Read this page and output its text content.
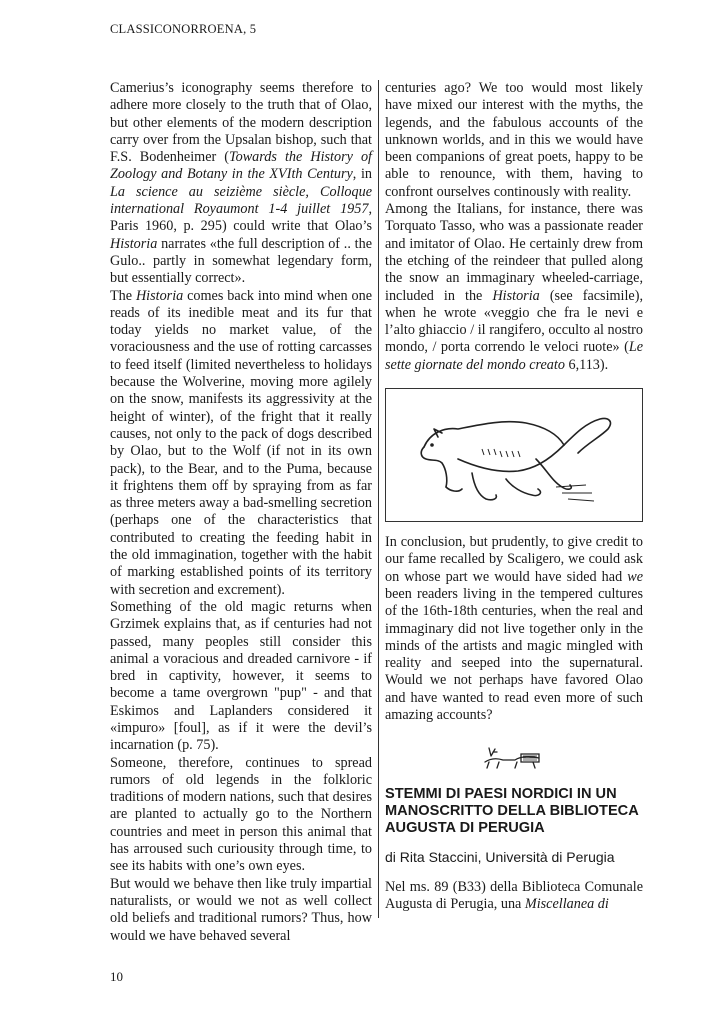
CLASSICONORROENA, 5

Camerius’s iconography seems therefore to adhere more closely to the truth that of Olao, but other elements of the modern description carry over from the Upsalan bishop, such that F.S. Bodenheimer (Towards the History of Zoology and Botany in the XVIth Century, in La science au seizième siècle, Colloque international Royaumont 1-4 juillet 1957, Paris 1960, p. 295) could write that Olao’s Historia narrates «the full description of .. the Gulo.. partly in somewhat legendary form, but essentially correct».

The Historia comes back into mind when one reads of its inedible meat and its fur that today yields no market value, of the voraciousness and the use of rotting carcasses to feed itself (limited nevertheless to holidays because the Wolverine, moving more agilely on the snow, manifests its aggressivity at the height of winter), of the fright that it really causes, not only to the pack of dogs described by Olao, but to the Wolf (if not in its own pack), to the Bear, and to the Puma, because it frightens them off by spraying from as far as three meters away a bad-smelling secretion (perhaps one of the characteristics that contributed to creating the feeding habit in the old immagination, together with the habit of marking established points of its territory with secretion and excrement).

Something of the old magic returns when Grzimek explains that, as if centuries had not passed, many peoples still consider this animal a voracious and dreaded carnivore - if bred in captivity, however, it seems to become a tame overgrown "pup" - and that Eskimos and Laplanders considered it «impuro» [foul], as if it were the devil’s incarnation (p. 75).

Someone, therefore, continues to spread rumors of old legends in the folkloric traditions of modern nations, such that desires are planted to actually go to the Northern countries and meet in person this animal that has arroused such curiousity through time, to see its habits with one’s own eyes.

But would we behave then like truly impartial naturalists, or would we not as well collect old beliefs and traditional rumors? Thus, how would we have behaved several

centuries ago? We too would most likely have mixed our interest with the myths, the legends, and the fabulous accounts of the unknown worlds, and in this we would have been companions of great poets, happy to be able to renounce, with them, having to confront ourselves continously with reality.

Among the Italians, for instance, there was Torquato Tasso, who was a passionate reader and imitator of Olao. He certainly drew from the etching of the reindeer that pulled along the snow an immaginary wheeled-carriage, included in the Historia (see facsimile), when he wrote «veggio che fra le nevi e l’alto ghiaccio / il rangifero, occulto al nostro mondo, / porta correndo le veloci ruote» (Le sette giornate del mondo creato 6,113).

In conclusion, but prudently, to give credit to our fame recalled by Scaligero, we could ask on whose part we would have sided had we been readers living in the tempered cultures of the 16th-18th centuries, when the real and immaginary did not live together only in the minds of the artists and magic mingled with reality and seeped into the supernatural. Would we not perhaps have favored Olao and have wanted to read even more of such amazing accounts?

STEMMI DI PAESI NORDICI IN UN MANOSCRITTO DELLA BIBLIOTECA AUGUSTA DI PERUGIA
di Rita Staccini, Università di Perugia

Nel ms. 89 (B33) della Biblioteca Comunale Augusta di Perugia, una Miscellanea di

10
